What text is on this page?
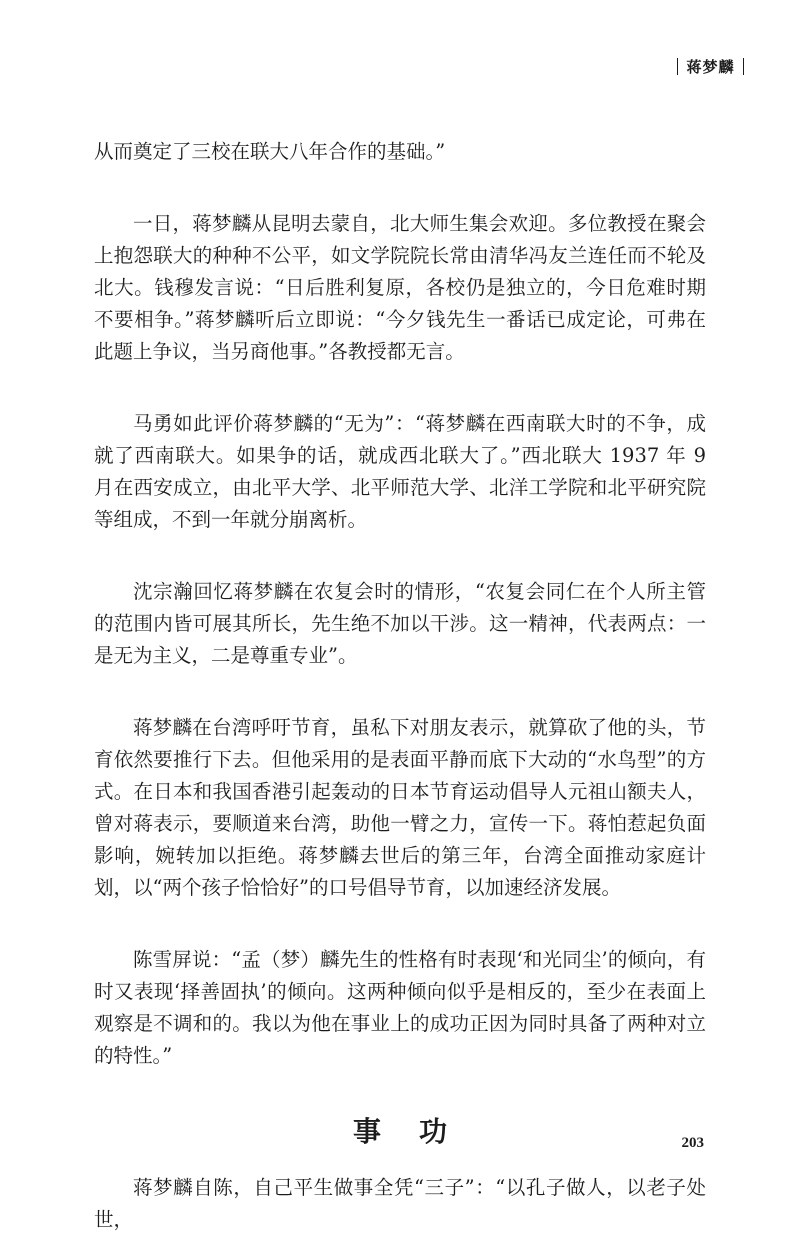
蒋梦麟

从而奠定了三校在联大八年合作的基础。”

一日，蒋梦麟从昆明去蒙自，北大师生集会欢迎。多位教授在聚会上抱怨联大的种种不公平，如文学院院长常由清华冯友兰连任而不轮及北大。钱穆发言说：“日后胜利复原，各校仍是独立的，今日危难时期不要相争。”蒋梦麟听后立即说：“今夕钱先生一番话已成定论，可弗在此题上争议，当另商他事。”各教授都无言。

马勇如此评价蒋梦麟的“无为”：“蒋梦麟在西南联大时的不争，成就了西南联大。如果争的话，就成西北联大了。”西北联大 1937 年 9 月在西安成立，由北平大学、北平师范大学、北洋工学院和北平研究院等组成，不到一年就分崩离析。

沈宗瀚回忆蒋梦麟在农复会时的情形，“农复会同仁在个人所主管的范围内皆可展其所长，先生绝不加以干涉。这一精神，代表两点：一是无为主义，二是尊重专业”。

蒋梦麟在台湾呼吁节育，虽私下对朋友表示，就算砍了他的头，节育依然要推行下去。但他采用的是表面平静而底下大动的“水鸟型”的方式。在日本和我国香港引起轰动的日本节育运动倡导人元祖山额夫人，曾对蒋表示，要顺道来台湾，助他一臂之力，宣传一下。蒋怕惹起负面影响，婉转加以拒绝。蒋梦麟去世后的第三年，台湾全面推动家庭计划，以“两个孩子恰恰好”的口号倡导节育，以加速经济发展。

陈雪屏说：“孟（梦）麟先生的性格有时表现‘和光同尘’的倾向，有时又表现‘择善固执’的倾向。这两种倾向似乎是相反的，至少在表面上观察是不调和的。我以为他在事业上的成功正因为同时具备了两种对立的特性。”

事功

蒋梦麟自陈，自己平生做事全凭“三子”：“以孔子做人，以老子处世，

203
